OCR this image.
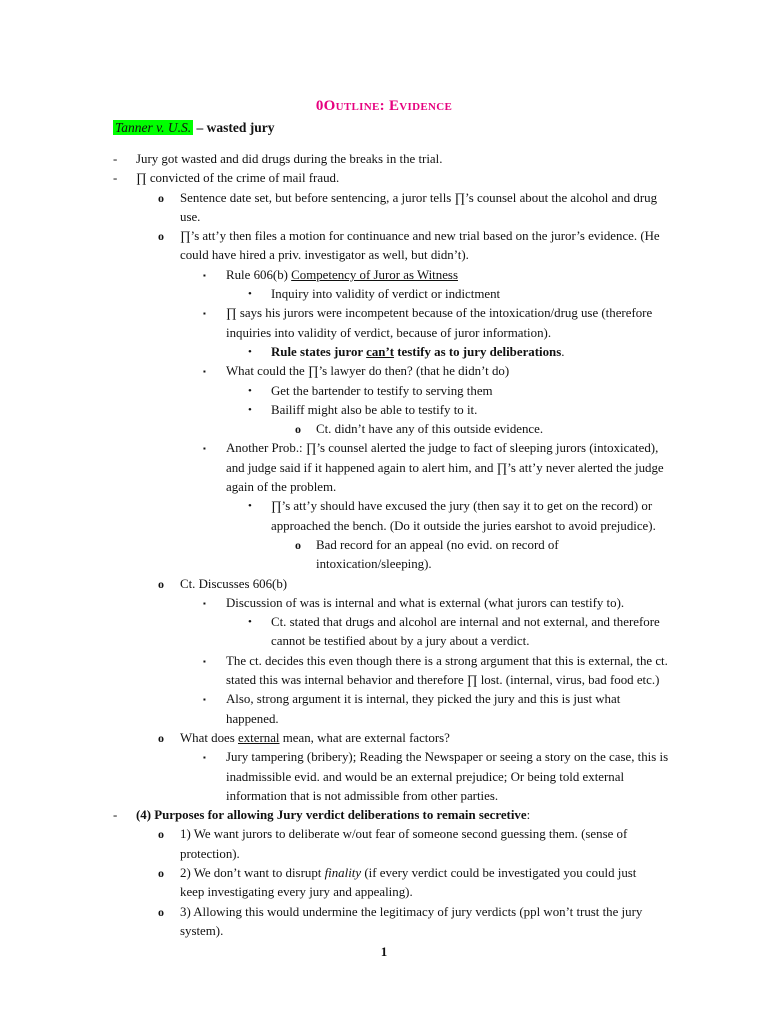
0Outline: Evidence
Tanner v. U.S. – wasted jury
- Jury got wasted and did drugs during the breaks in the trial.
- ∏ convicted of the crime of mail fraud.
o Sentence date set, but before sentencing, a juror tells ∏’s counsel about the alcohol and drug
use.
o ∏’s att’y then files a motion for continuance and new trial based on the juror’s evidence. (He
could have hired a priv. investigator as well, but didn’t).
▪ Rule 606(b) Competency of Juror as Witness
• Inquiry into validity of verdict or indictment
▪ ∏ says his jurors were incompetent because of the intoxication/drug use (therefore
inquiries into validity of verdict, because of juror information).
• Rule states juror can’t testify as to jury deliberations.
▪ What could the ∏’s lawyer do then? (that he didn’t do)
• Get the bartender to testify to serving them
• Bailiff might also be able to testify to it.
o Ct. didn’t have any of this outside evidence.
▪ Another Prob.: ∏’s counsel alerted the judge to fact of sleeping jurors (intoxicated),
and judge said if it happened again to alert him, and ∏’s att’y never alerted the judge
again of the problem.
• ∏’s att’y should have excused the jury (then say it to get on the record) or
approached the bench. (Do it outside the juries earshot to avoid prejudice).
o Bad record for an appeal (no evid. on record of
intoxication/sleeping).
o Ct. Discusses 606(b)
▪ Discussion of was is internal and what is external (what jurors can testify to).
• Ct. stated that drugs and alcohol are internal and not external, and therefore
cannot be testified about by a jury about a verdict.
▪ The ct. decides this even though there is a strong argument that this is external, the ct.
stated this was internal behavior and therefore ∏ lost. (internal, virus, bad food etc.)
▪ Also, strong argument it is internal, they picked the jury and this is just what
happened.
o What does external mean, what are external factors?
▪ Jury tampering (bribery); Reading the Newspaper or seeing a story on the case, this is
inadmissible evid. and would be an external prejudice; Or being told external
information that is not admissible from other parties.
- (4) Purposes for allowing Jury verdict deliberations to remain secretive:
o 1) We want jurors to deliberate w/out fear of someone second guessing them. (sense of
protection).
o 2) We don’t want to disrupt finality (if every verdict could be investigated you could just
keep investigating every jury and appealing).
o 3) Allowing this would undermine the legitimacy of jury verdicts (ppl won’t trust the jury
system).
1
